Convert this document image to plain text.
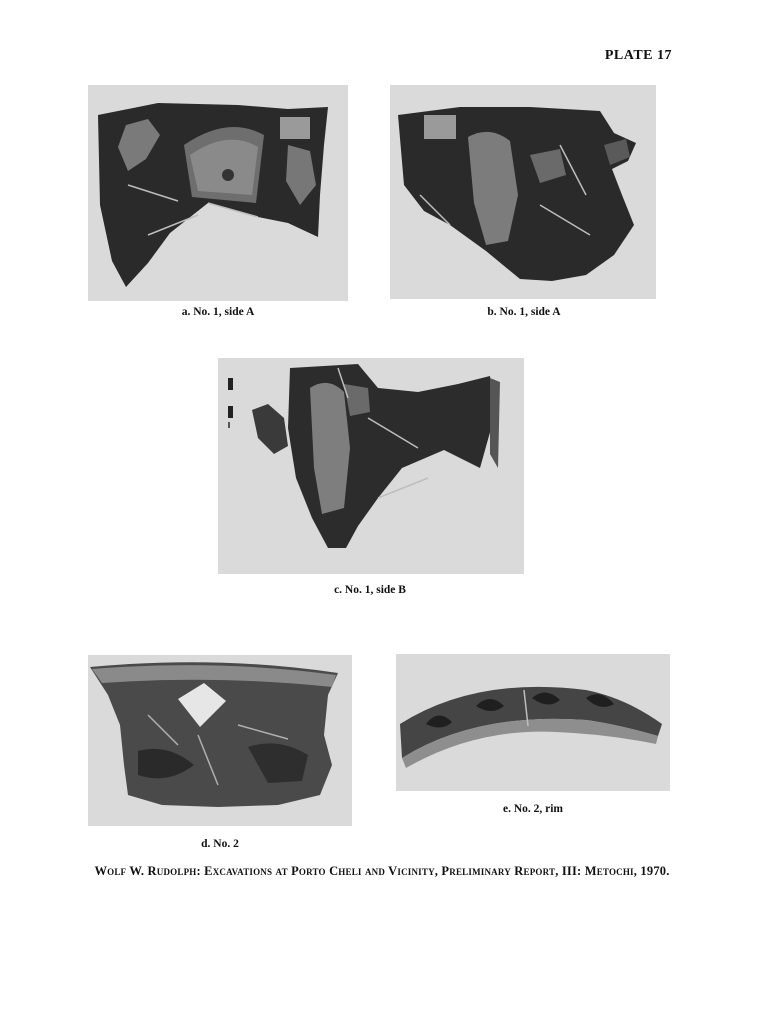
PLATE 17
a. No. 1, side A	b. No. 1, side A
c. No. 1, side B
d. No. 2
e. No. 2, rim
Wolf W. Rudolph: Excavations at Porto Cheli and Vicinity, Preliminary Report, III: Metochi, 1970.
